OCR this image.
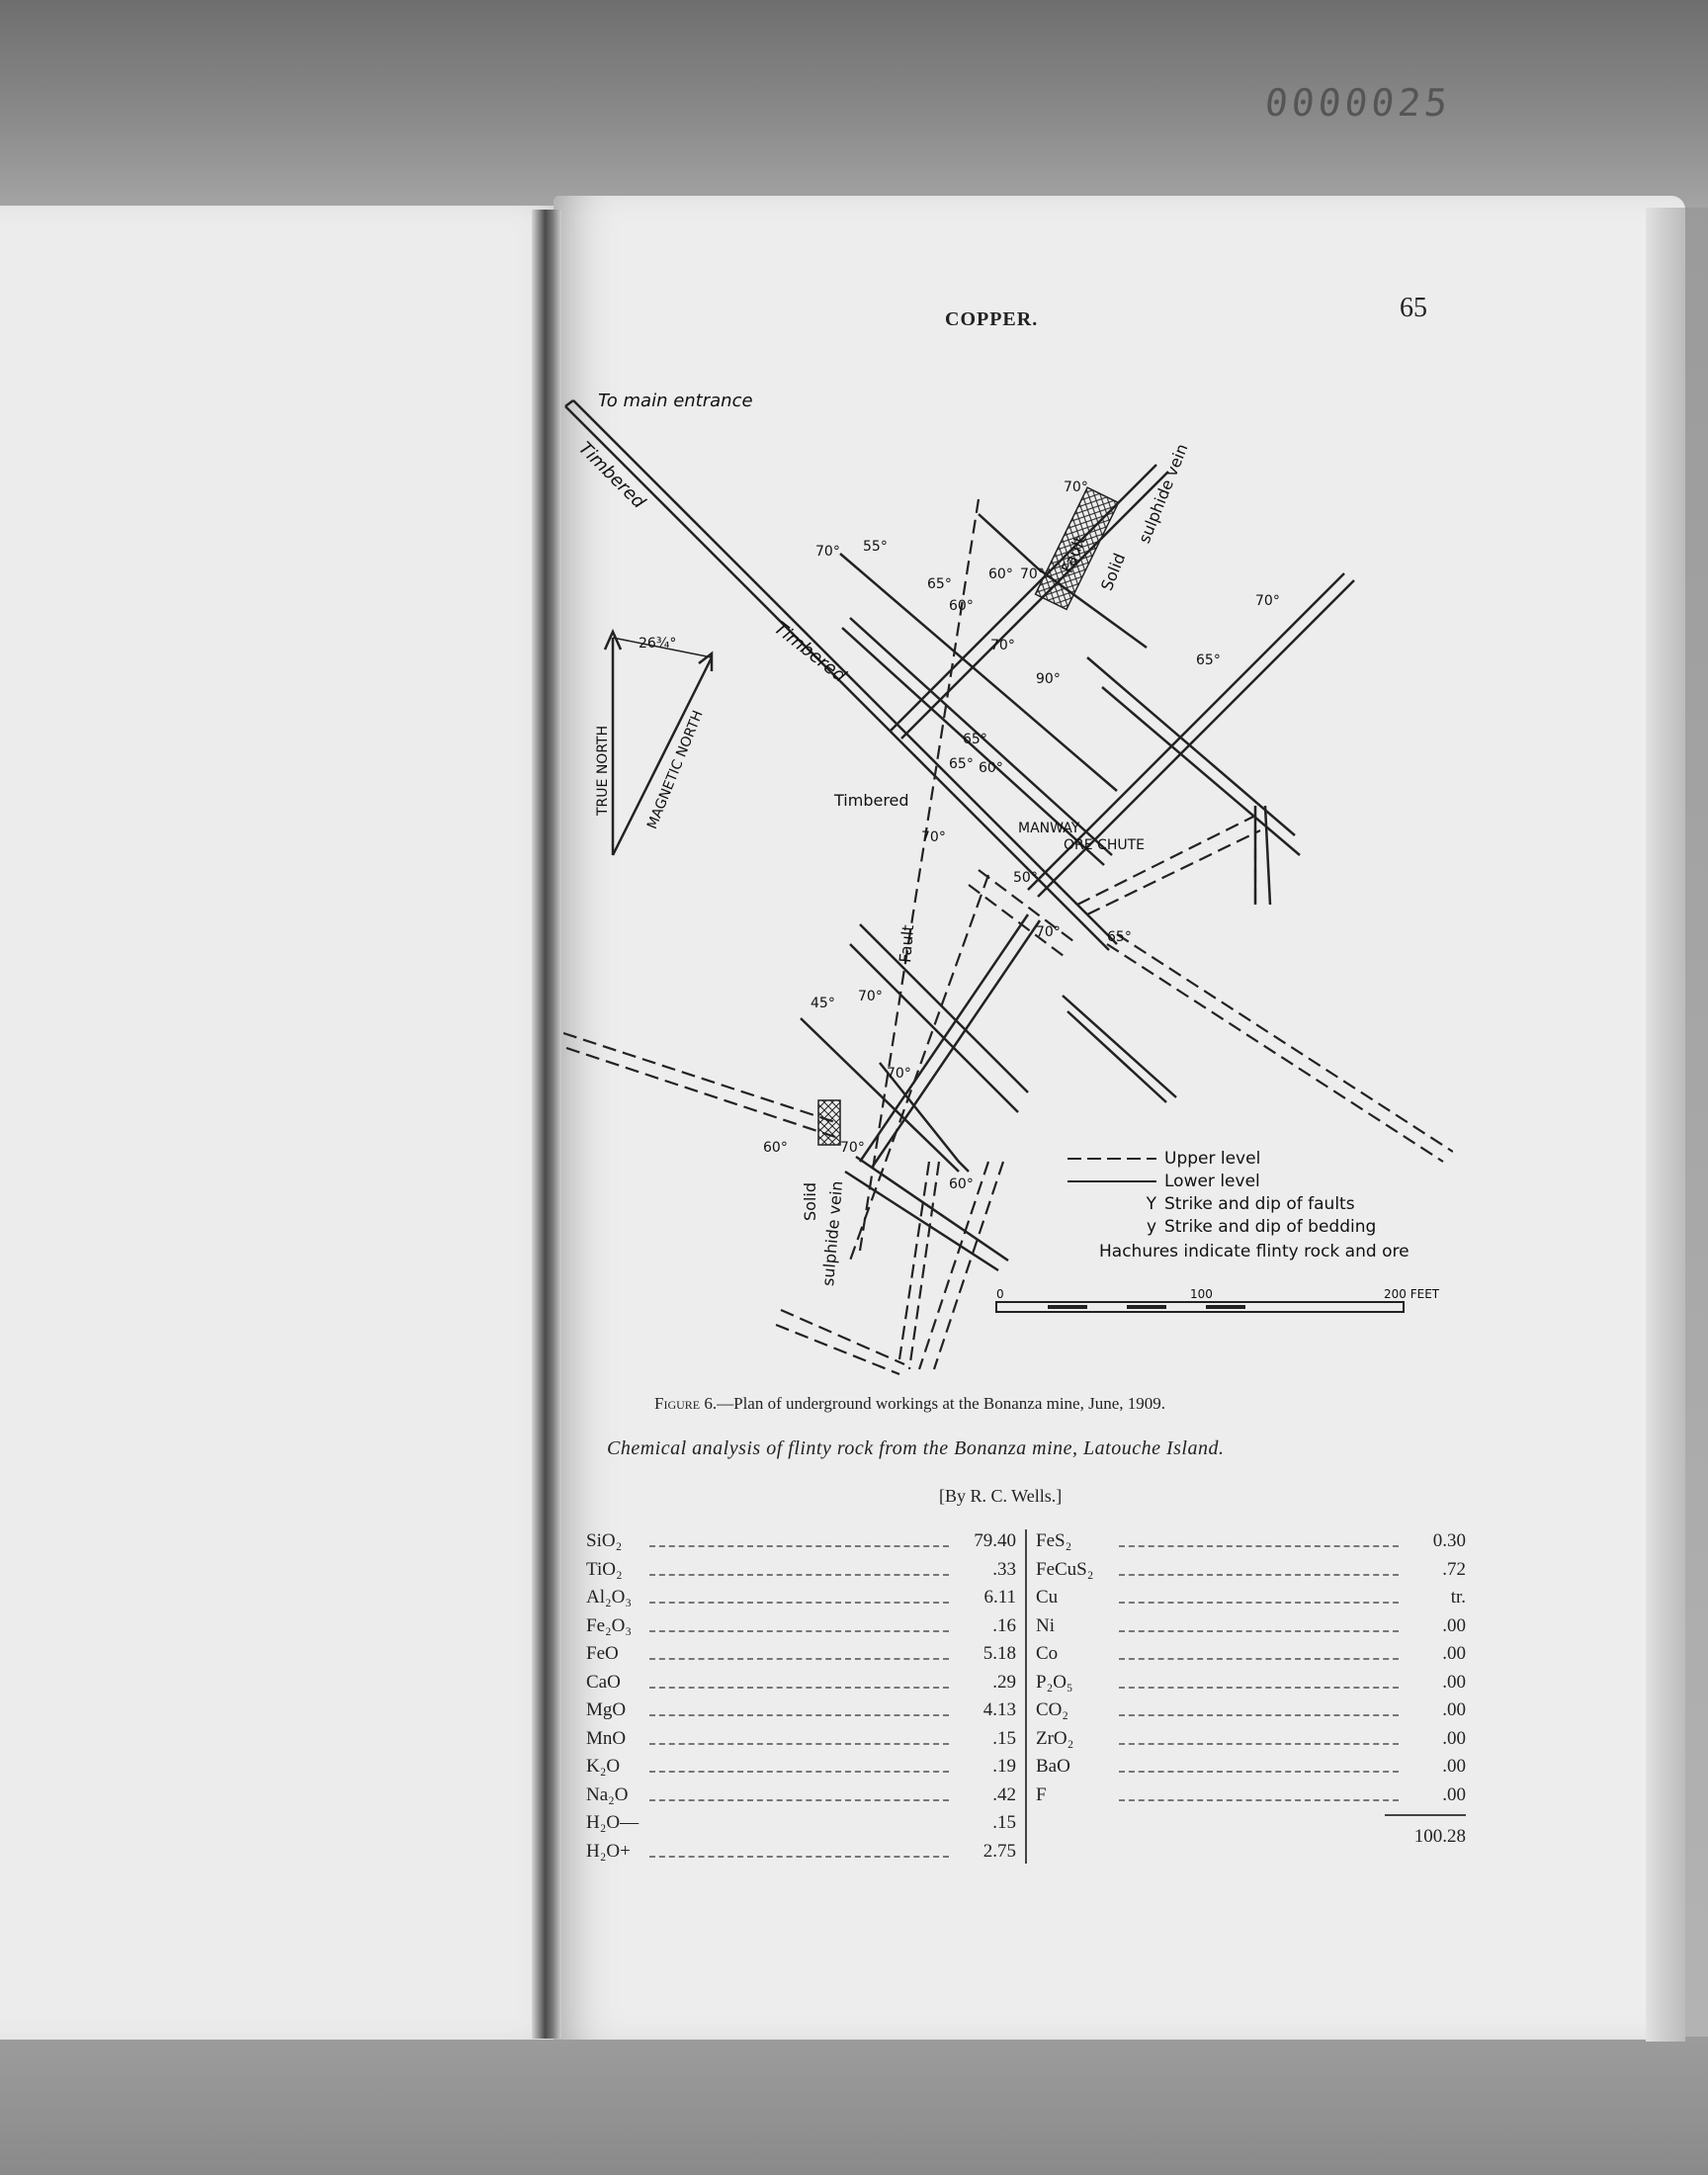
0000025
COPPER.	65
To main entrance
Timbered
Timbered
Timbered
Fault Solid
sulphide vein
Fault
Solid sulphide vein
TRUE NORTH MAGNETIC NORTH
26¾°
MANWAY
ORE CHUTE
70° 55°
65°
60°
60° 70°
70°
70°
90°
65°
65°
65°
60°
70°
50°
70°	65°
70°
45° 70°
60°	70°
60°
70°
Upper level
Lower level
Y Strike and dip of faults
y Strike and dip of bedding
Hachures indicate flinty rock and ore
0	100	200 FEET
Figure 6.—Plan of underground workings at the Bonanza mine, June, 1909.
Chemical analysis of flinty rock from the Bonanza mine, Latouche Island.
[By R. C. Wells.]
SiO₂	79.40
TiO₂	.33
Al₂O₃	6.11
Fe₂O₃	.16
FeO	5.18
CaO	.29
MgO	4.13
MnO	.15
K₂O	.19
Na₂O	.42
H₂O—	.15
H₂O+	2.75
FeS₂	0.30
FeCuS₂	.72
Cu	tr.
Ni	.00
Co	.00
P₂O₅	.00
CO₂	.00
ZrO₂	.00
BaO	.00
F	.00
100.28
